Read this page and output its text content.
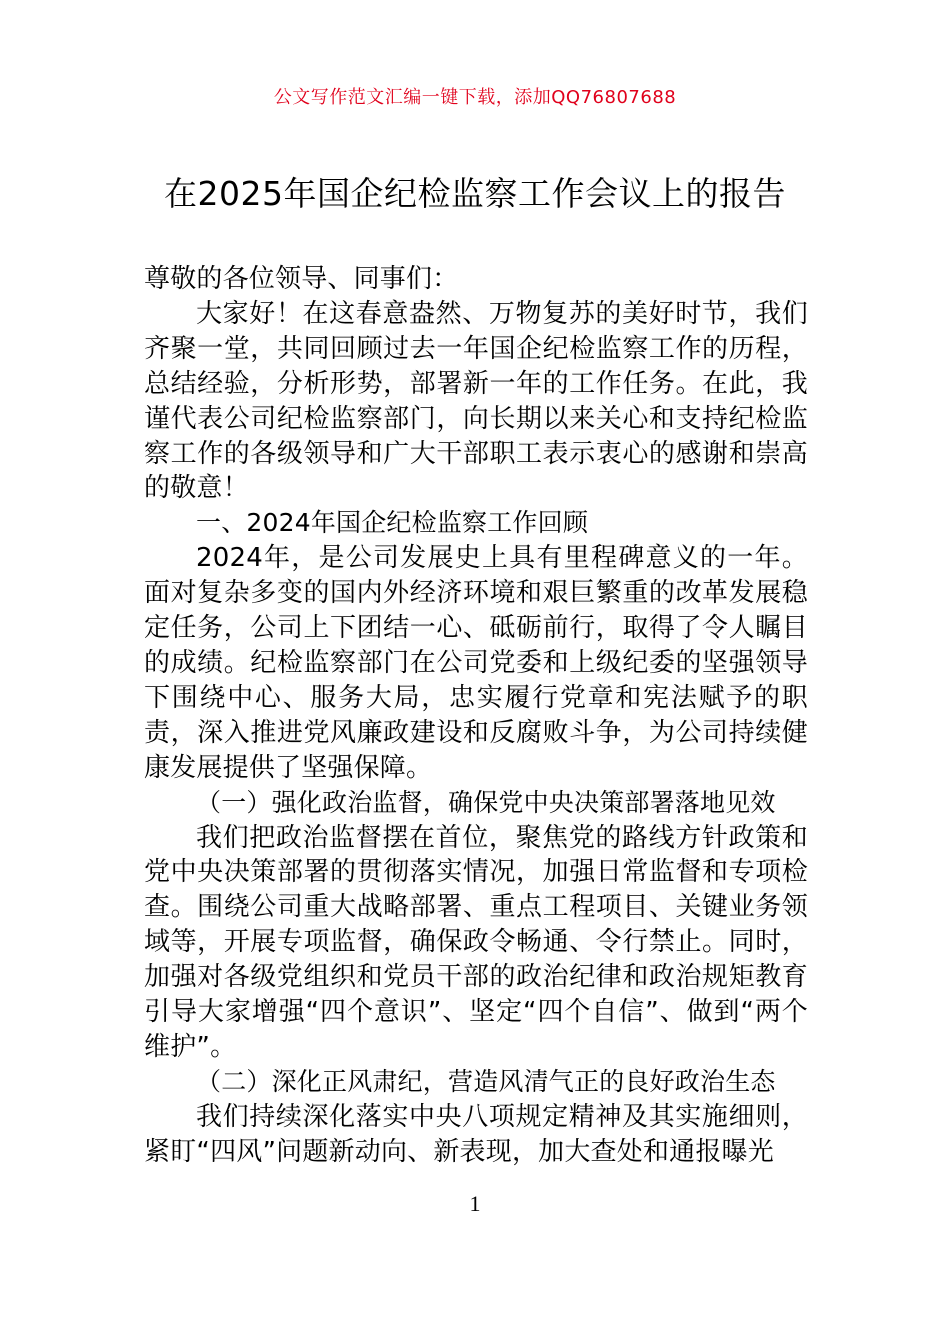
公文写作范文汇编一键下载，添加QQ76807688
在2025年国企纪检监察工作会议上的报告

尊敬的各位领导、同事们：

大家好！在这春意盎然、万物复苏的美好时节，我们齐聚一堂，共同回顾过去一年国企纪检监察工作的历程，总结经验，分析形势，部署新一年的工作任务。在此，我谨代表公司纪检监察部门，向长期以来关心和支持纪检监察工作的各级领导和广大干部职工表示衷心的感谢和崇高的敬意！

一、2024年国企纪检监察工作回顾

2024年，是公司发展史上具有里程碑意义的一年。面对复杂多变的国内外经济环境和艰巨繁重的改革发展稳定任务，公司上下团结一心、砥砺前行，取得了令人瞩目的成绩。纪检监察部门在公司党委和上级纪委的坚强领导下围绕中心、服务大局，忠实履行党章和宪法赋予的职责，深入推进党风廉政建设和反腐败斗争，为公司持续健康发展提供了坚强保障。

（一）强化政治监督，确保党中央决策部署落地见效

我们把政治监督摆在首位，聚焦党的路线方针政策和党中央决策部署的贯彻落实情况，加强日常监督和专项检查。围绕公司重大战略部署、重点工程项目、关键业务领域等，开展专项监督，确保政令畅通、令行禁止。同时，加强对各级党组织和党员干部的政治纪律和政治规矩教育引导大家增强“四个意识”、坚定“四个自信”、做到“两个维护”。

（二）深化正风肃纪，营造风清气正的良好政治生态

我们持续深化落实中央八项规定精神及其实施细则，紧盯“四风”问题新动向、新表现，加大查处和通报曝光

1
